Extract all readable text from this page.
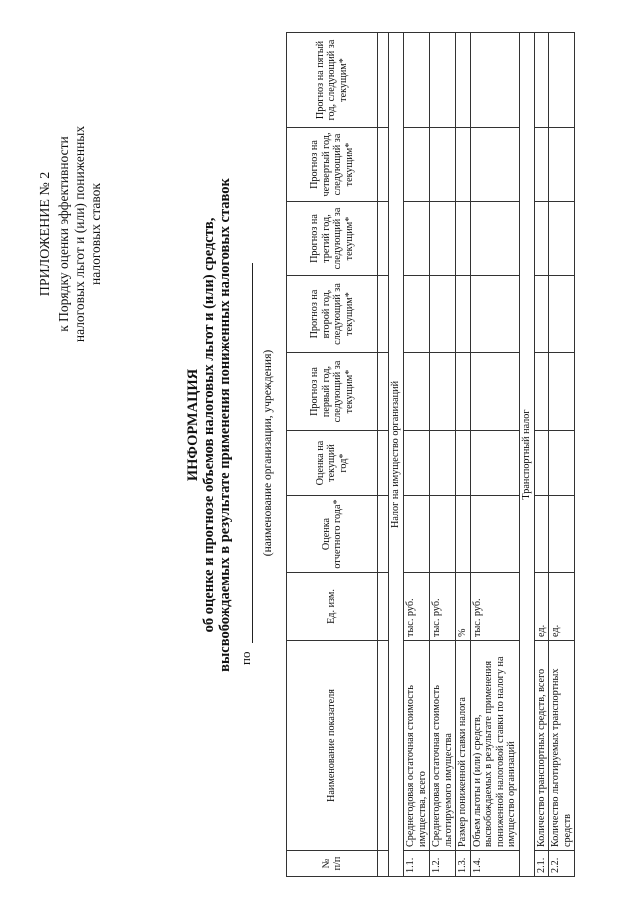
ПРИЛОЖЕНИЕ № 2 к Порядку оценки эффективности налоговых льгот и (или) пониженных налоговых ставок
ИНФОРМАЦИЯ об оценке и прогнозе объемов налоговых льгот и (или) средств, высвобождаемых в результате применения пониженных налоговых ставок по
(наименование организации, учреждения)
№ п/п	Наименование показателя	Ед. изм.	Оценка отчетного года*	Оценка на текущий год*	Прогноз на первый год, следующий за текущим*	Прогноз на второй год, следующий за текущим*	Прогноз на третий год, следующий за текущим*	Прогноз на четвертый год, следующий за текущим*	Прогноз на пятый год, следующий за текущим*

Налог на имущество организаций									
1.1.	Среднегодовая остаточная стоимость имущества, всего	тыс. руб.							
1.2.	Среднегодовая остаточная стоимость льготируемого имущества	тыс. руб.							
1.3.	Размер пониженной ставки налога	%							
1.4.	Объем льготы и (или) средств, высвобождаемых в результате применения пониженной налоговой ставки по налогу на имущество организаций	тыс. руб.							
Транспортный налог									
2.1.	Количество транспортных средств, всего	ед.							
2.2.	Количество льготируемых транспортных средств	ед.							
